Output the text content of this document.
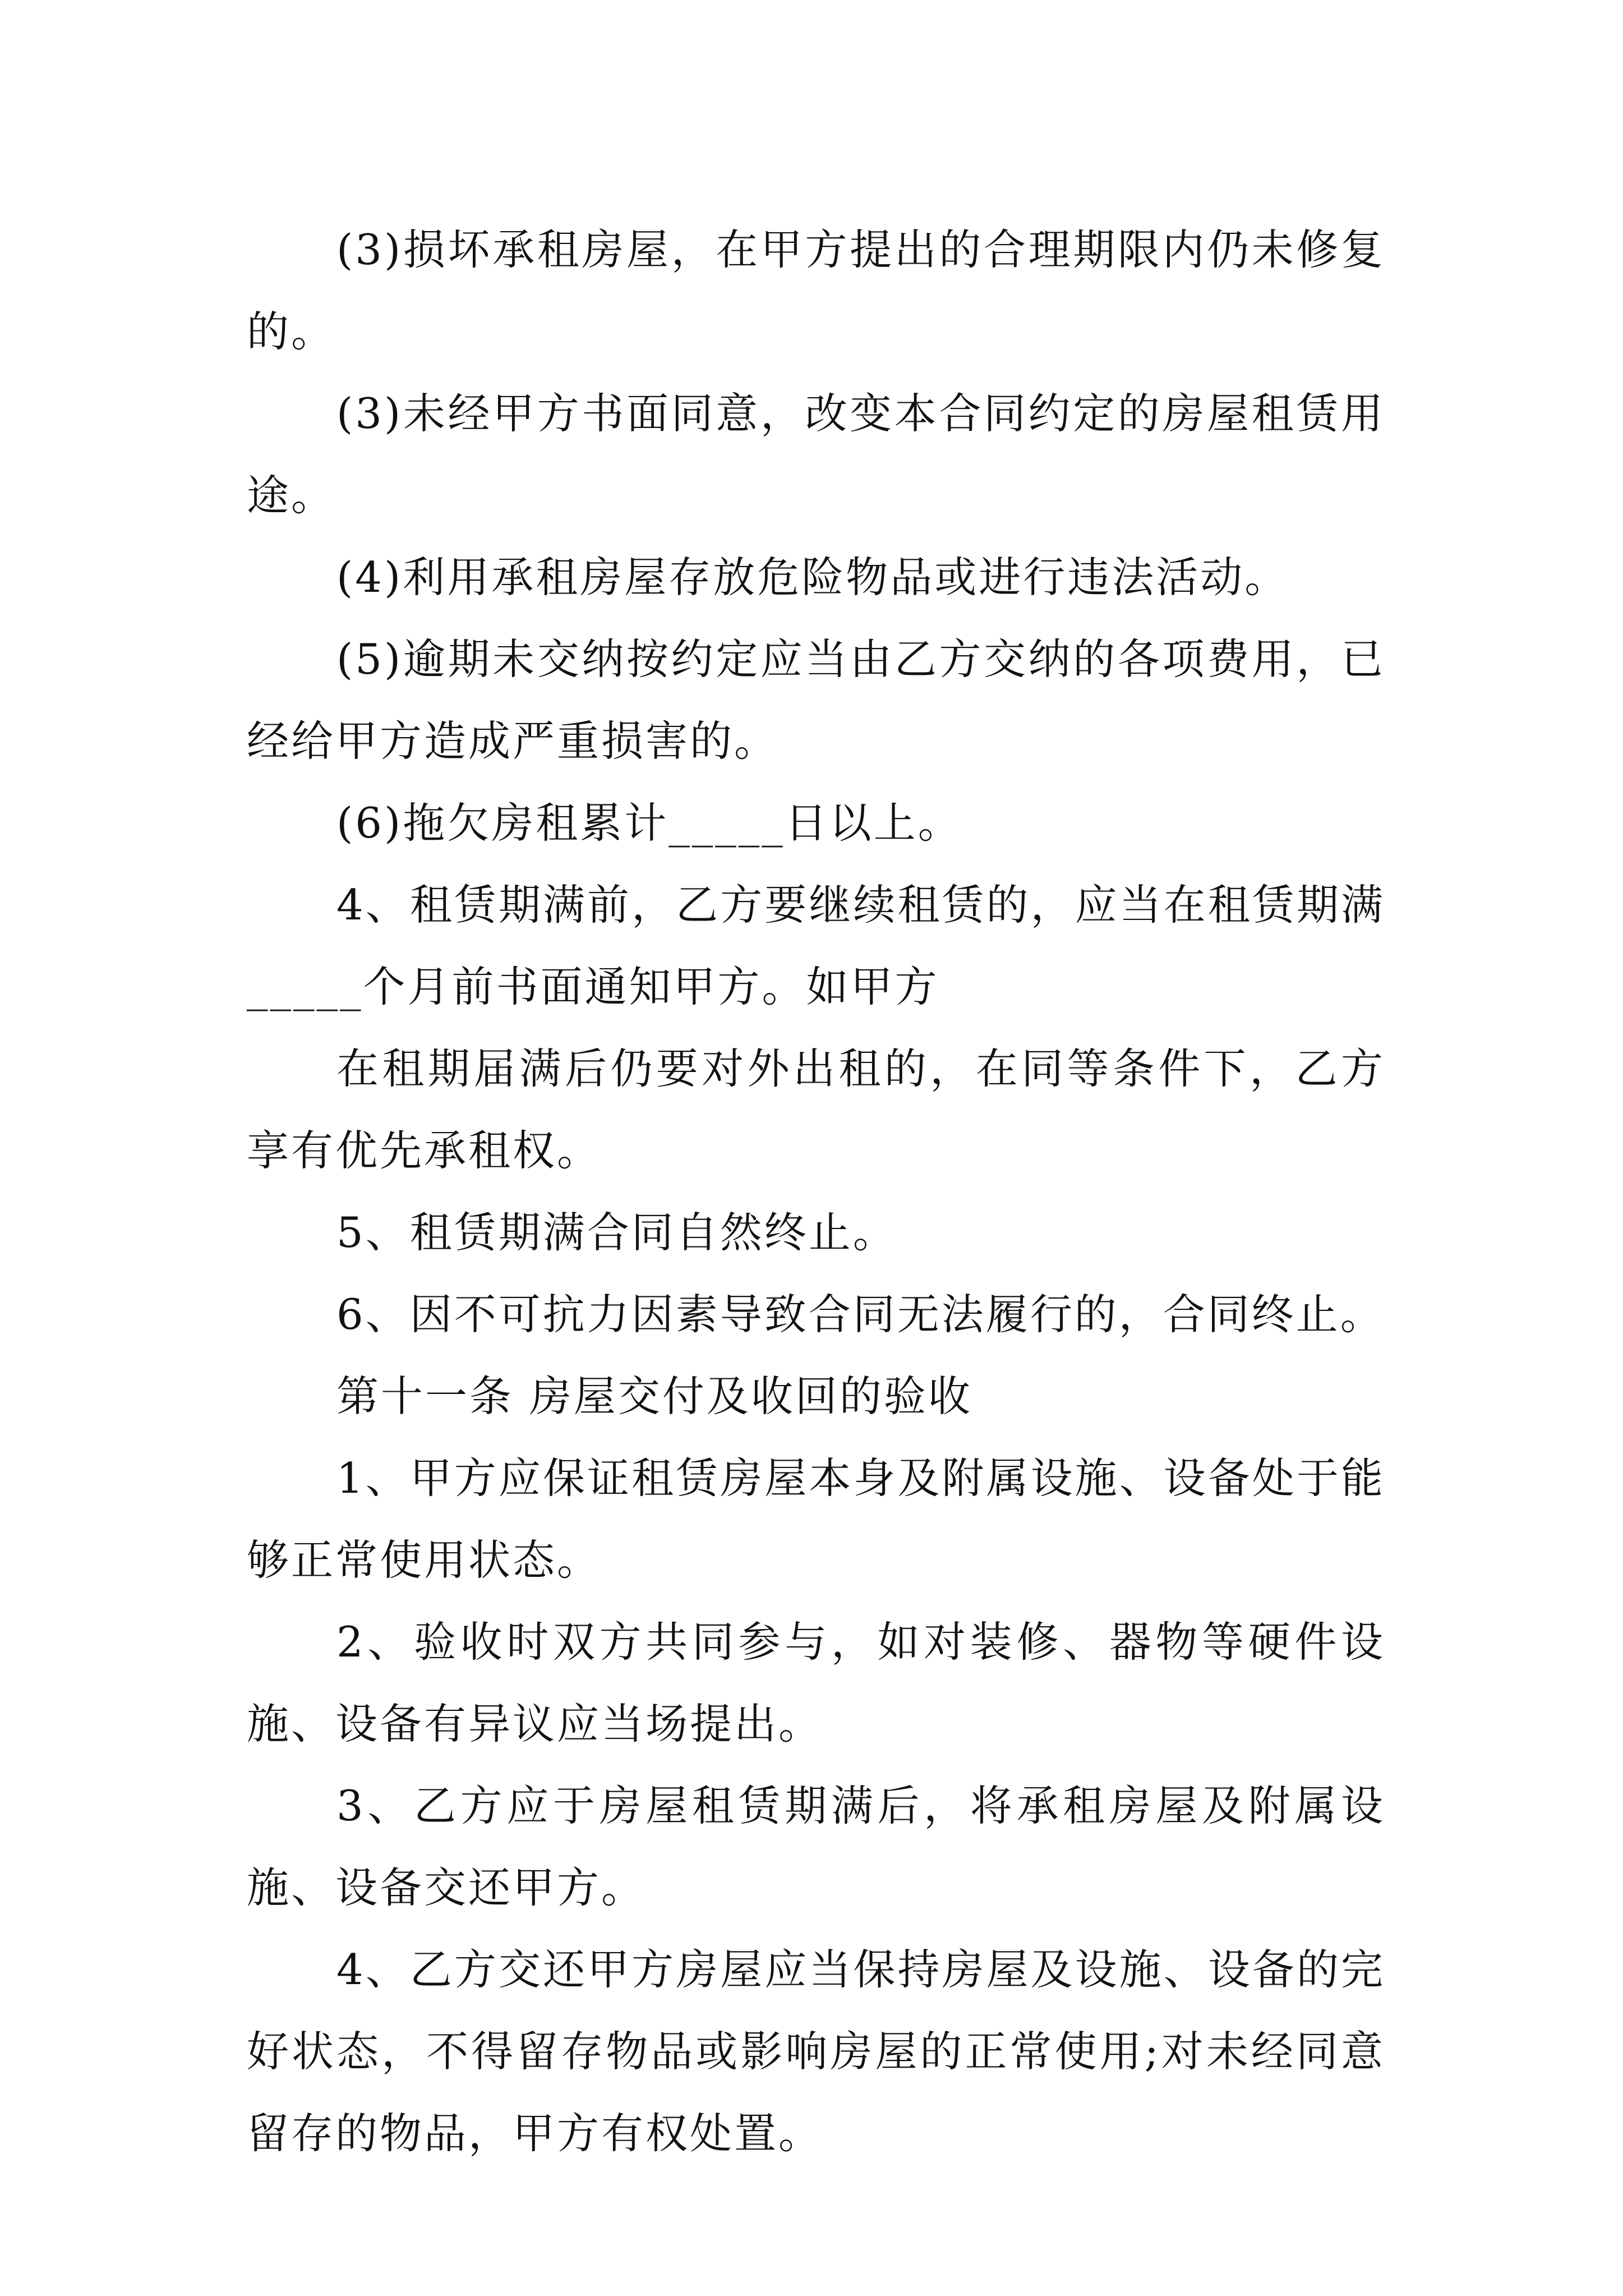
(3)损坏承租房屋，在甲方提出的合理期限内仍未修复的。

(3)未经甲方书面同意，改变本合同约定的房屋租赁用途。

(4)利用承租房屋存放危险物品或进行违法活动。

(5)逾期未交纳按约定应当由乙方交纳的各项费用，已经给甲方造成严重损害的。

(6)拖欠房租累计_____日以上。

4、租赁期满前，乙方要继续租赁的，应当在租赁期满_____个月前书面通知甲方。如甲方

在租期届满后仍要对外出租的，在同等条件下，乙方享有优先承租权。

5、租赁期满合同自然终止。

6、因不可抗力因素导致合同无法履行的，合同终止。

第十一条 房屋交付及收回的验收

1、甲方应保证租赁房屋本身及附属设施、设备处于能够正常使用状态。

2、验收时双方共同参与，如对装修、器物等硬件设施、设备有异议应当场提出。

3、乙方应于房屋租赁期满后，将承租房屋及附属设施、设备交还甲方。

4、乙方交还甲方房屋应当保持房屋及设施、设备的完好状态，不得留存物品或影响房屋的正常使用;对未经同意留存的物品，甲方有权处置。
